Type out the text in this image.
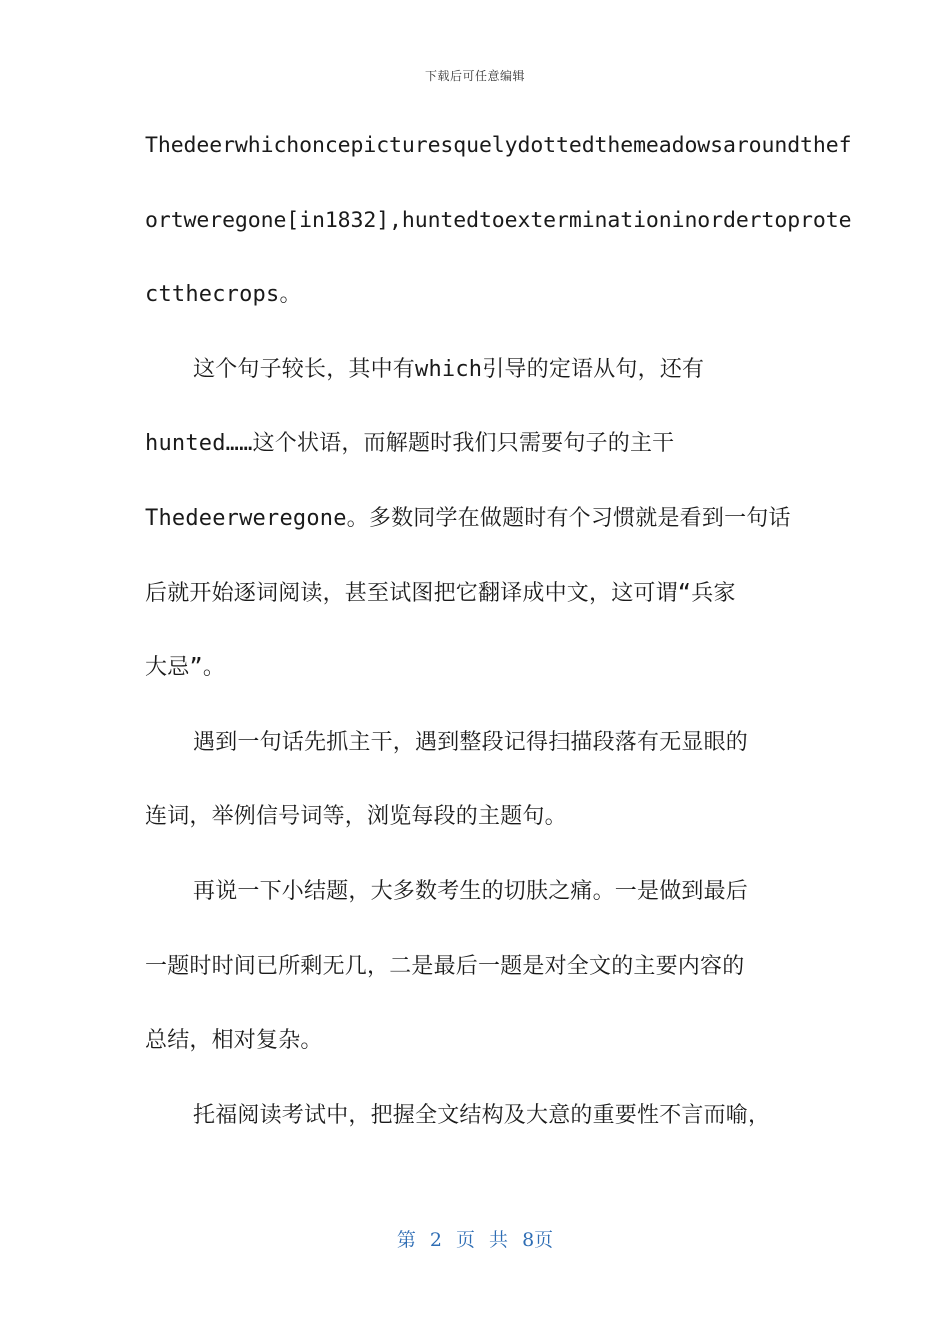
下载后可任意编辑
Thedeerwhichoncepicturesquelydottedthemeadowsaroundthef
ortweregone[in1832],huntedtoexterminationinordertoprote
ctthecrops。
这个句子较长，其中有which引导的定语从句，还有
hunted……这个状语，而解题时我们只需要句子的主干
Thedeerweregone。多数同学在做题时有个习惯就是看到一句话
后就开始逐词阅读，甚至试图把它翻译成中文，这可谓“兵家
大忌”。
遇到一句话先抓主干，遇到整段记得扫描段落有无显眼的
连词，举例信号词等，浏览每段的主题句。
再说一下小结题，大多数考生的切肤之痛。一是做到最后
一题时时间已所剩无几，二是最后一题是对全文的主要内容的
总结，相对复杂。
托福阅读考试中，把握全文结构及大意的重要性不言而喻，
第 2 页 共 8页
